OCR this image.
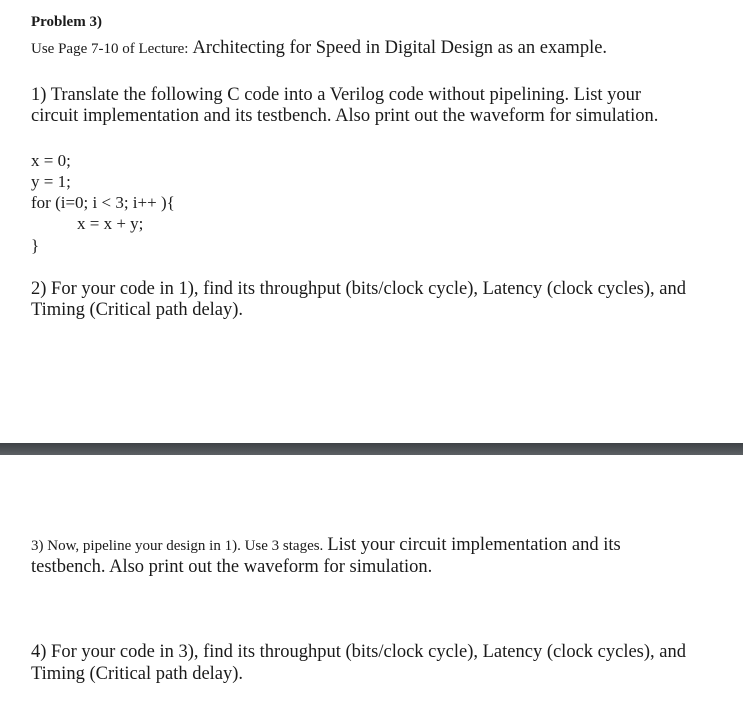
Problem 3)
Use Page 7-10 of Lecture: Architecting for Speed in Digital Design as an example.
1) Translate the following C code into a Verilog code without pipelining. List your
circuit implementation and its testbench. Also print out the waveform for simulation.
x = 0;
y = 1;
for (i=0; i < 3; i++ ){
x = x + y;
}
2) For your code in 1), find its throughput (bits/clock cycle), Latency (clock cycles), and
Timing (Critical path delay).
3) Now, pipeline your design in 1). Use 3 stages. List your circuit implementation and its
testbench. Also print out the waveform for simulation.
4) For your code in 3), find its throughput (bits/clock cycle), Latency (clock cycles), and
Timing (Critical path delay).
